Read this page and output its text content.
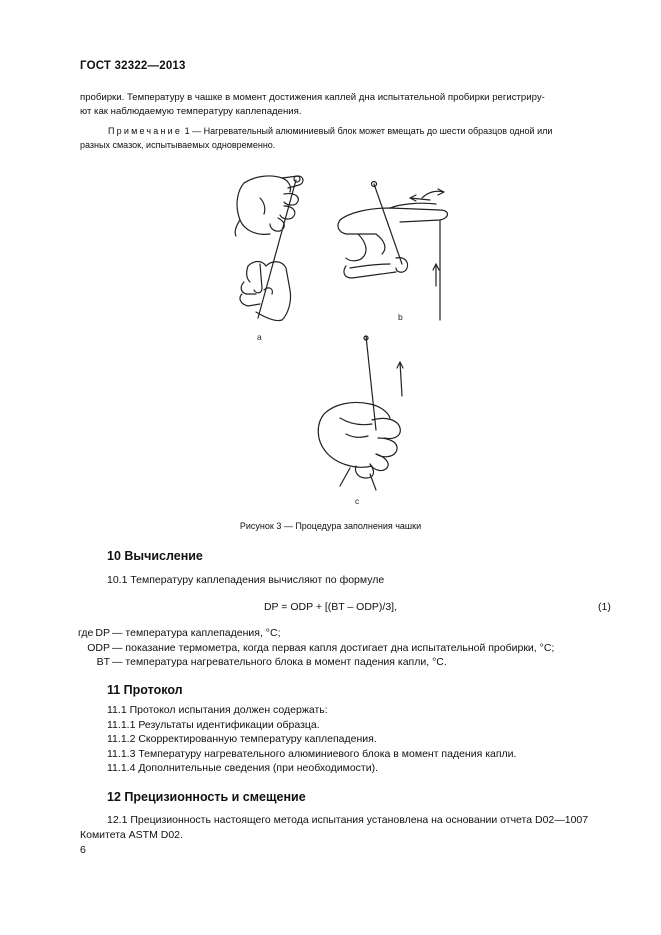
ГОСТ 32322—2013
пробирки. Температуру в чашке в момент достижения каплей дна испытательной пробирки регистриру-
ют как наблюдаемую температуру каплепадения.
Примечание 1 — Нагревательный алюминиевый блок может вмещать до шести образцов одной или
разных смазок, испытываемых одновременно.
а
b
c
Рисунок 3 — Процедура заполнения чашки
10 Вычисление
10.1 Температуру каплепадения вычисляют по формуле
DP = ODP + [(BT – ODP)/3],	(1)
где DP — температура каплепадения, °C;
ODP — показание термометра, когда первая капля достигает дна испытательной пробирки, °C;
BT — температура нагревательного блока в момент падения капли, °C.
11 Протокол
11.1 Протокол испытания должен содержать:
11.1.1 Результаты идентификации образца.
11.1.2 Скорректированную температуру каплепадения.
11.1.3 Температуру нагревательного алюминиевого блока в момент падения капли.
11.1.4 Дополнительные сведения (при необходимости).
12 Прецизионность и смещение
12.1 Прецизионность настоящего метода испытания установлена на основании отчета D02—1007
Комитета ASTM D02.
6
